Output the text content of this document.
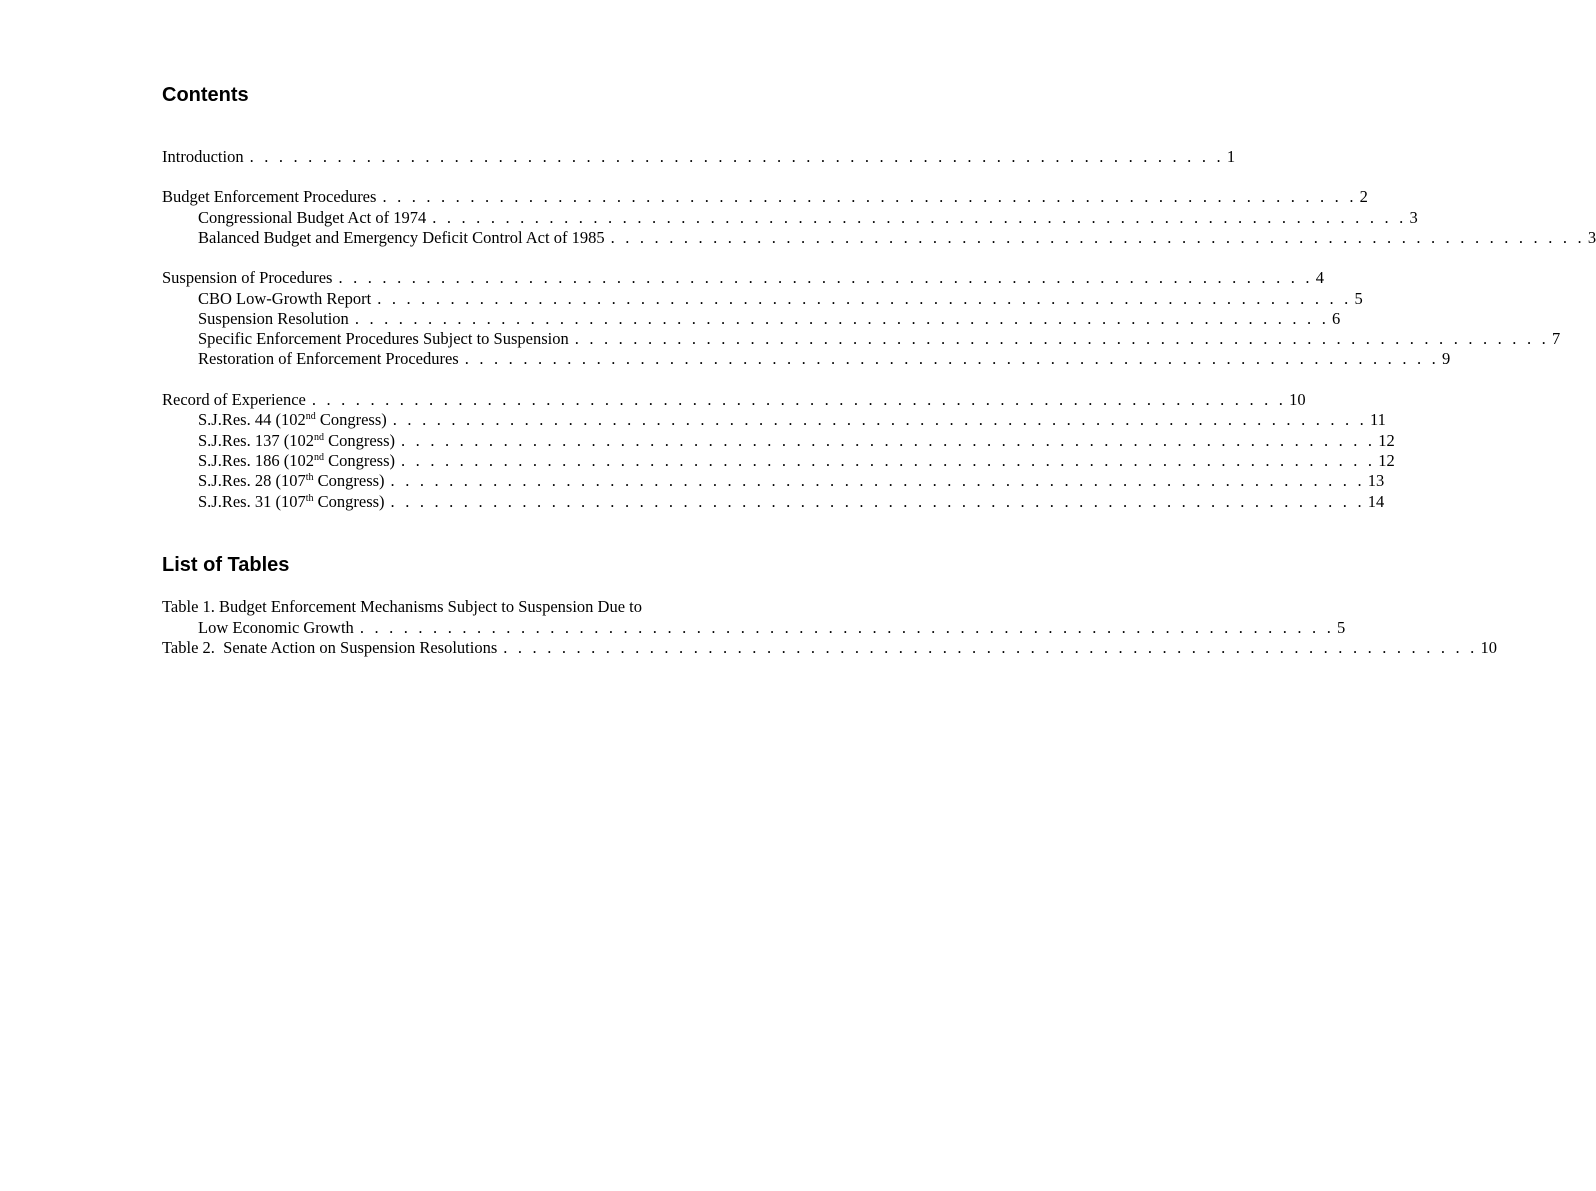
Contents
Introduction . . . . . . . . . . . . . . . . . . . . . . . . . . . . . . . . . . . . . . . . . . . . . . . . . . . . . . . . . . . . . . . . . . . 1
Budget Enforcement Procedures . . . . . . . . . . . . . . . . . . . . . . . . . . . . . . . . . . . . . . . . . . . . . . . . . . . . . . . . . . . . . . . . . . . 2
Congressional Budget Act of 1974 . . . . . . . . . . . . . . . . . . . . . . . . . . . . . . . . . . . . . . . . . . . . . . . . . . . . . . . . . . . . . . . . . . . 3
Balanced Budget and Emergency Deficit Control Act of 1985 . . . . . . . . . . . . . . . . . . . . . . . . . . . . . . . . . . . . . . . . . . . . . . . . . . . . . . . . . . . . . . . . . . . 3
Suspension of Procedures . . . . . . . . . . . . . . . . . . . . . . . . . . . . . . . . . . . . . . . . . . . . . . . . . . . . . . . . . . . . . . . . . . . 4
CBO Low-Growth Report . . . . . . . . . . . . . . . . . . . . . . . . . . . . . . . . . . . . . . . . . . . . . . . . . . . . . . . . . . . . . . . . . . . 5
Suspension Resolution . . . . . . . . . . . . . . . . . . . . . . . . . . . . . . . . . . . . . . . . . . . . . . . . . . . . . . . . . . . . . . . . . . . 6
Specific Enforcement Procedures Subject to Suspension . . . . . . . . . . . . . . . . . . . . . . . . . . . . . . . . . . . . . . . . . . . . . . . . . . . . . . . . . . . . . . . . . . . 7
Restoration of Enforcement Procedures . . . . . . . . . . . . . . . . . . . . . . . . . . . . . . . . . . . . . . . . . . . . . . . . . . . . . . . . . . . . . . . . . . . 9
Record of Experience . . . . . . . . . . . . . . . . . . . . . . . . . . . . . . . . . . . . . . . . . . . . . . . . . . . . . . . . . . . . . . . . . . . 10
S.J.Res. 44 (102nd Congress) . . . . . . . . . . . . . . . . . . . . . . . . . . . . . . . . . . . . . . . . . . . . . . . . . . . . . . . . . . . . . . . . . . . 11
S.J.Res. 137 (102nd Congress) . . . . . . . . . . . . . . . . . . . . . . . . . . . . . . . . . . . . . . . . . . . . . . . . . . . . . . . . . . . . . . . . . . . 12
S.J.Res. 186 (102nd Congress) . . . . . . . . . . . . . . . . . . . . . . . . . . . . . . . . . . . . . . . . . . . . . . . . . . . . . . . . . . . . . . . . . . . 12
S.J.Res. 28 (107th Congress) . . . . . . . . . . . . . . . . . . . . . . . . . . . . . . . . . . . . . . . . . . . . . . . . . . . . . . . . . . . . . . . . . . . 13
S.J.Res. 31 (107th Congress) . . . . . . . . . . . . . . . . . . . . . . . . . . . . . . . . . . . . . . . . . . . . . . . . . . . . . . . . . . . . . . . . . . . 14
List of Tables
Table 1. Budget Enforcement Mechanisms Subject to Suspension Due to
Low Economic Growth . . . . . . . . . . . . . . . . . . . . . . . . . . . . . . . . . . . . . . . . . . . . . . . . . . . . . . . . . . . . . . . . . . . 5
Table 2.  Senate Action on Suspension Resolutions . . . . . . . . . . . . . . . . . . . . . . . . . . . . . . . . . . . . . . . . . . . . . . . . . . . . . . . . . . . . . . . . . . . 10
